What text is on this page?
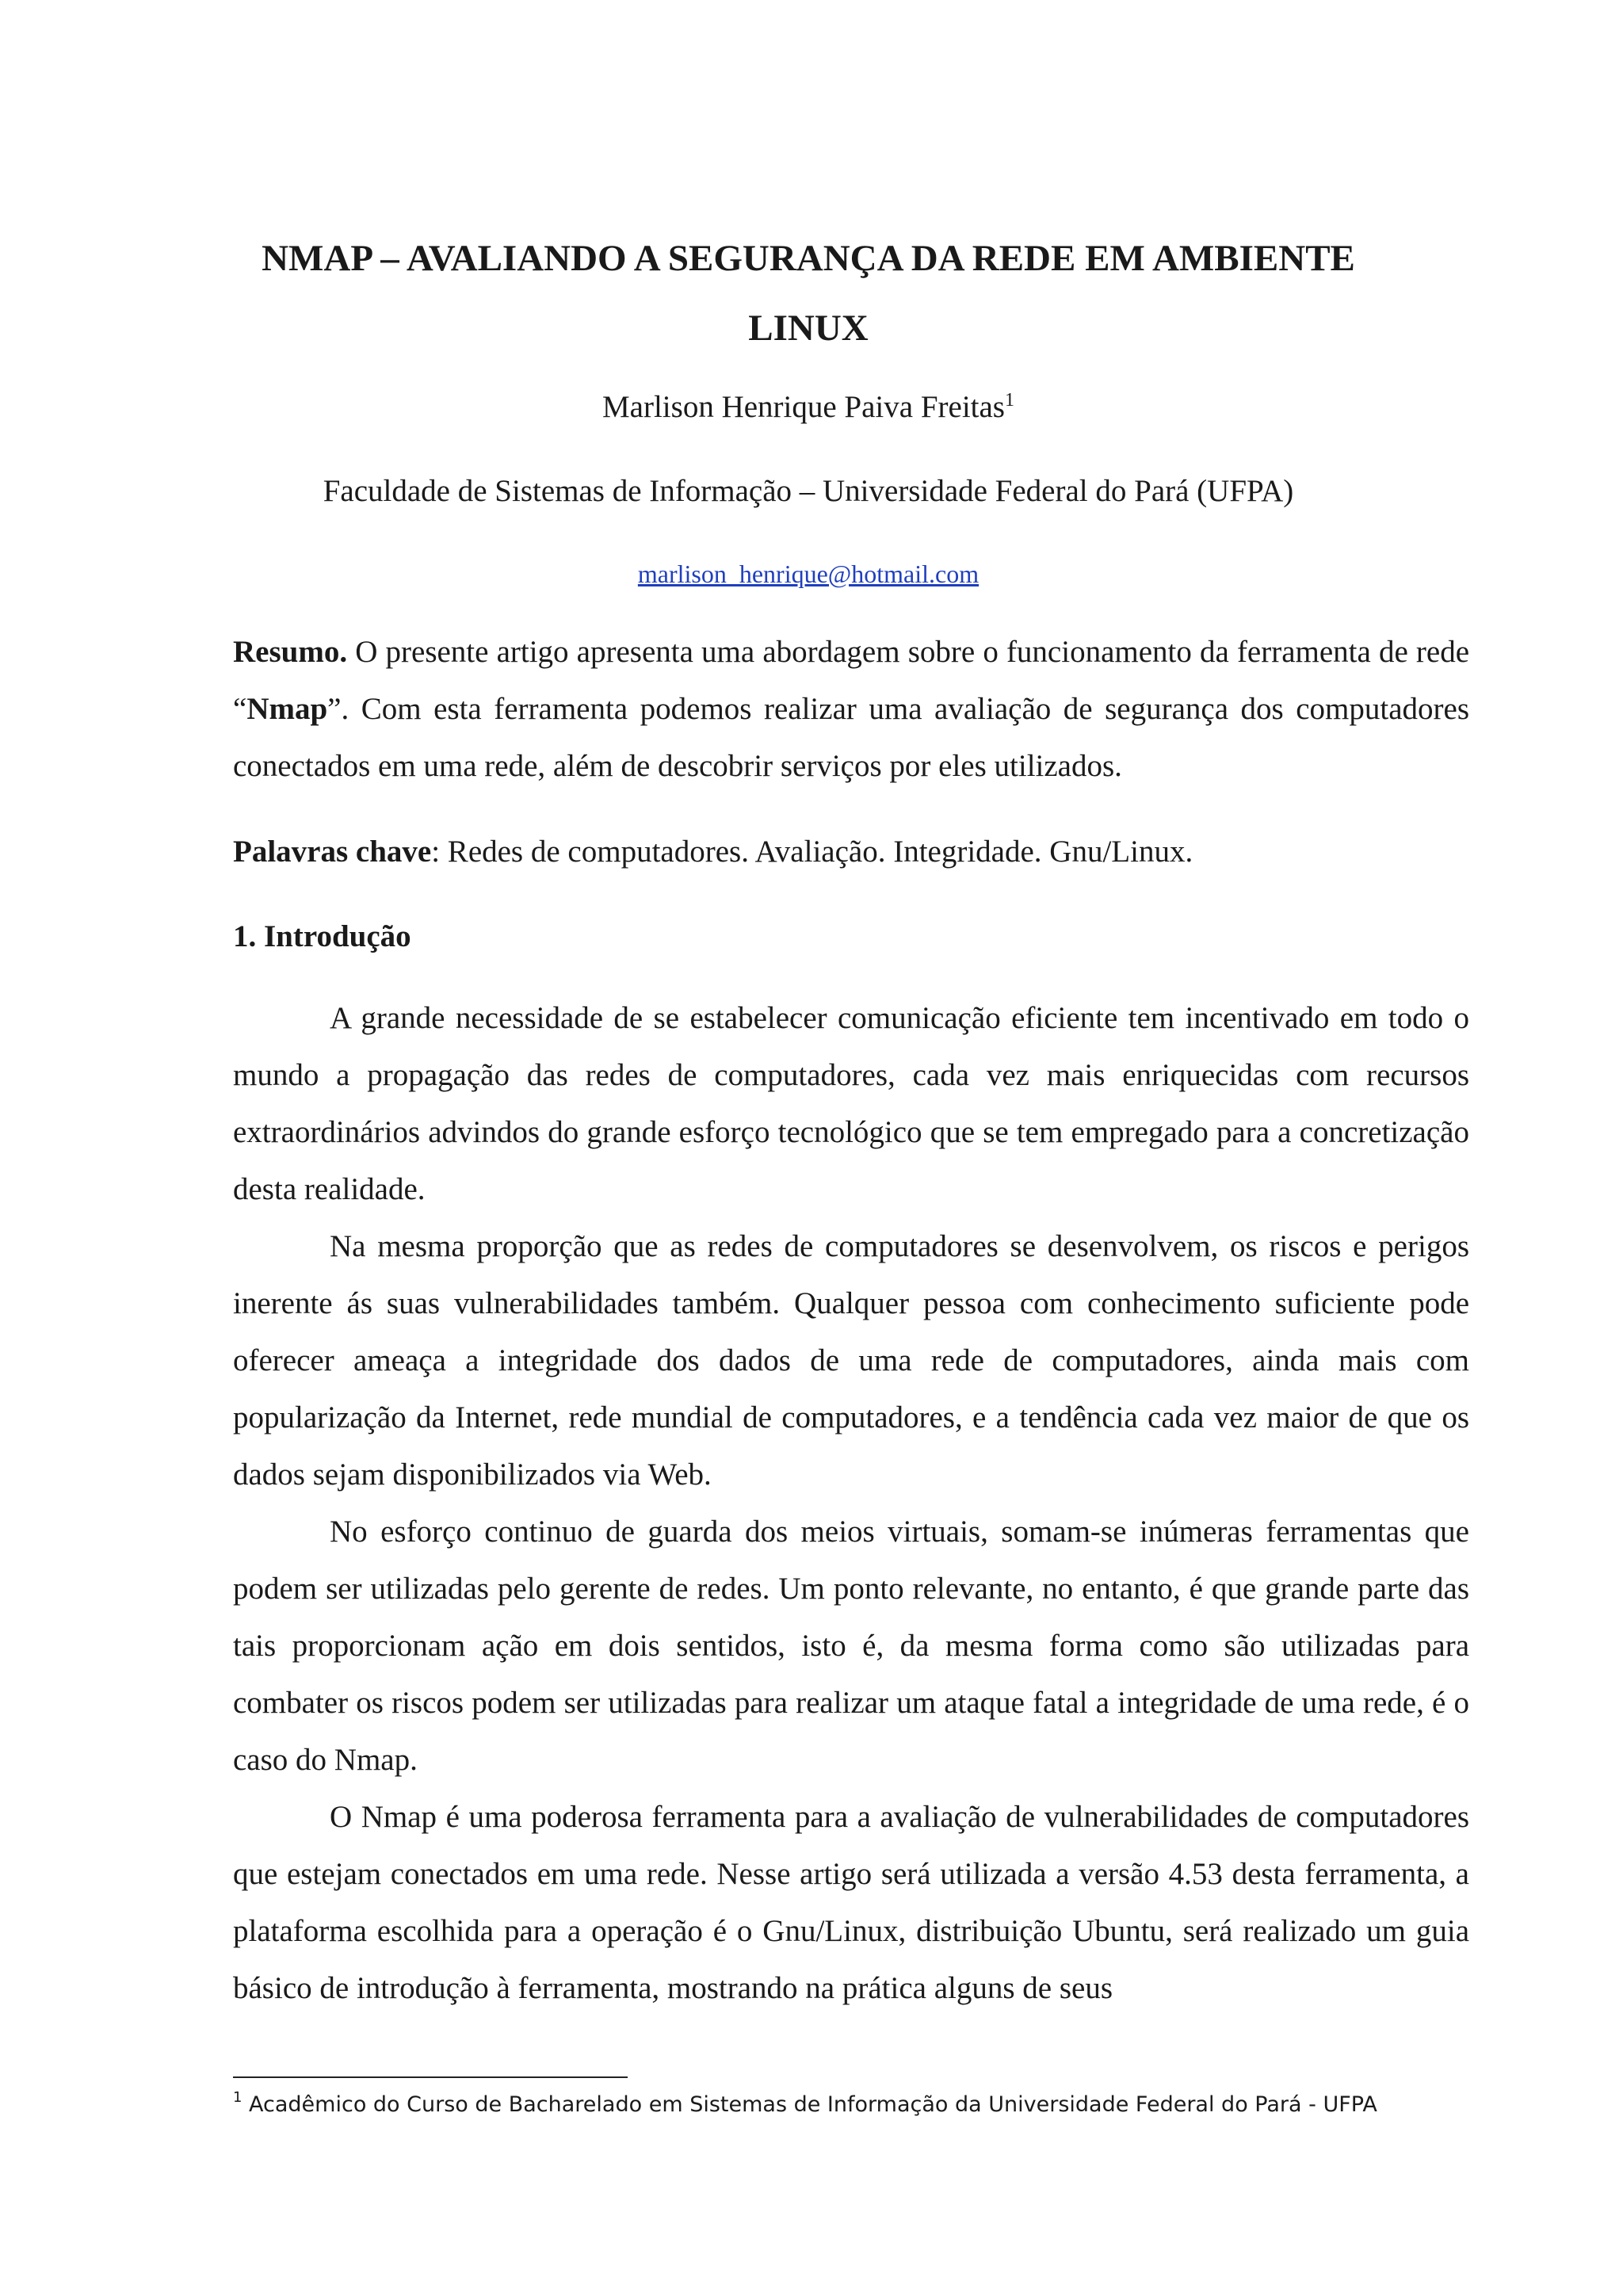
NMAP – AVALIANDO A SEGURANÇA DA REDE EM AMBIENTE
LINUX

Marlison Henrique Paiva Freitas$^1$

Faculdade de Sistemas de Informação – Universidade Federal do Pará (UFPA)

marlison_henrique@hotmail.com

Resumo. O presente artigo apresenta uma abordagem sobre o funcionamento da ferramenta de rede “Nmap”. Com esta ferramenta podemos realizar uma avaliação de segurança dos computadores conectados em uma rede, além de descobrir serviços por eles utilizados.

Palavras chave: Redes de computadores. Avaliação. Integridade. Gnu/Linux.

1. Introdução

A grande necessidade de se estabelecer comunicação eficiente tem incentivado em todo o mundo a propagação das redes de computadores, cada vez mais enriquecidas com recursos extraordinários advindos do grande esforço tecnológico que se tem empregado para a concretização desta realidade.

Na mesma proporção que as redes de computadores se desenvolvem, os riscos e perigos inerente ás suas vulnerabilidades também. Qualquer pessoa com conhecimento suficiente pode oferecer ameaça a integridade dos dados de uma rede de computadores, ainda mais com popularização da Internet, rede mundial de computadores, e a tendência cada vez maior de que os dados sejam disponibilizados via Web.

No esforço continuo de guarda dos meios virtuais, somam-se inúmeras ferramentas que podem ser utilizadas pelo gerente de redes. Um ponto relevante, no entanto, é que grande parte das tais proporcionam ação em dois sentidos, isto é, da mesma forma como são utilizadas para combater os riscos podem ser utilizadas para realizar um ataque fatal a integridade de uma rede, é o caso do Nmap.

O Nmap é uma poderosa ferramenta para a avaliação de vulnerabilidades de computadores que estejam conectados em uma rede. Nesse artigo será utilizada a versão 4.53 desta ferramenta, a plataforma escolhida para a operação é o Gnu/Linux, distribuição Ubuntu, será realizado um guia básico de introdução à ferramenta, mostrando na prática alguns de seus

$^1$ Acadêmico do Curso de Bacharelado em Sistemas de Informação da Universidade Federal do Pará - UFPA
